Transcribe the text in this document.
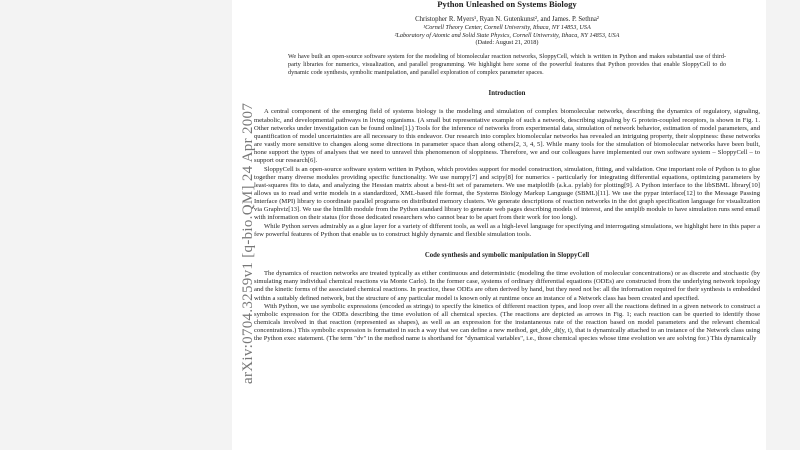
Python Unleashed on Systems Biology
Christopher R. Myers¹, Ryan N. Gutenkunst², and James. P. Sethna²
¹Cornell Theory Center, Cornell University, Ithaca, NY 14853, USA
²Laboratory of Atomic and Solid State Physics, Cornell University, Ithaca, NY 14853, USA
(Dated: August 21, 2018)

We have built an open-source software system for the modeling of biomolecular reaction networks, SloppyCell, which is written in Python and makes substantial use of third-party libraries for numerics, visualization, and parallel programming. We highlight here some of the powerful features that Python provides that enable SloppyCell to do dynamic code synthesis, symbolic manipulation, and parallel exploration of complex parameter spaces.

Introduction

A central component of the emerging field of systems biology is the modeling and simulation of complex biomolecular networks, describing the dynamics of regulatory, signaling, metabolic, and developmental pathways in living organisms. (A small but representative example of such a network, describing signaling by G protein-coupled receptors, is shown in Fig. 1. Other networks under investigation can be found online[1].) Tools for the inference of networks from experimental data, simulation of network behavior, estimation of model parameters, and quantification of model uncertainties are all necessary to this endeavor. Our research into complex biomolecular networks has revealed an intriguing property, their sloppiness: these networks are vastly more sensitive to changes along some directions in parameter space than along others[2, 3, 4, 5]. While many tools for the simulation of biomolecular networks have been built, none support the types of analyses that we need to unravel this phenomenon of sloppiness. Therefore, we and our colleagues have implemented our own software system – SloppyCell – to support our research[6].

SloppyCell is an open-source software system written in Python, which provides support for model construction, simulation, fitting, and validation. One important role of Python is to glue together many diverse modules providing specific functionality. We use numpy[7] and scipy[8] for numerics - particularly for integrating differential equations, optimizing parameters by least-squares fits to data, and analyzing the Hessian matrix about a best-fit set of parameters. We use matplotlib (a.k.a. pylab) for plotting[9]. A Python interface to the libSBML library[10] allows us to read and write models in a standardized, XML-based file format, the Systems Biology Markup Language (SBML)[11]. We use the pypar interface[12] to the Message Passing Interface (MPI) library to coordinate parallel programs on distributed memory clusters. We generate descriptions of reaction networks in the dot graph specification language for visualization via Graphviz[13]. We use the htmllib module from the Python standard library to generate web pages describing models of interest, and the smtplib module to have simulation runs send email with information on their status (for those dedicated researchers who cannot bear to be apart from their work for too long).

While Python serves admirably as a glue layer for a variety of different tools, as well as a high-level language for specifying and interrogating simulations, we highlight here in this paper a few powerful features of Python that enable us to construct highly dynamic and flexible simulation tools.

Code synthesis and symbolic manipulation in SloppyCell

The dynamics of reaction networks are treated typically as either continuous and deterministic (modeling the time evolution of molecular concentrations) or as discrete and stochastic (by simulating many individual chemical reactions via Monte Carlo). In the former case, systems of ordinary differential equations (ODEs) are constructed from the underlying network topology and the kinetic forms of the associated chemical reactions. In practice, these ODEs are often derived by hand, but they need not be: all the information required for their synthesis is embedded within a suitably defined network, but the structure of any particular model is known only at runtime once an instance of a Network class has been created and specified.

With Python, we use symbolic expressions (encoded as strings) to specify the kinetics of different reaction types, and loop over all the reactions defined in a given network to construct a symbolic expression for the ODEs describing the time evolution of all chemical species. (The reactions are depicted as arrows in Fig. 1; each reaction can be queried to identify those chemicals involved in that reaction (represented as shapes), as well as an expression for the instantaneous rate of the reaction based on model parameters and the relevant chemical concentrations.) This symbolic expression is formatted in such a way that we can define a new method, get_ddv_dt(y, t), that is dynamically attached to an instance of the Network class using the Python exec statement. (The term "dv" in the method name is shorthand for "dynamical variables", i.e., those chemical species whose time evolution we are solving for.) This dynamically

arXiv:0704.3259v1 [q-bio.QM] 24 Apr 2007
